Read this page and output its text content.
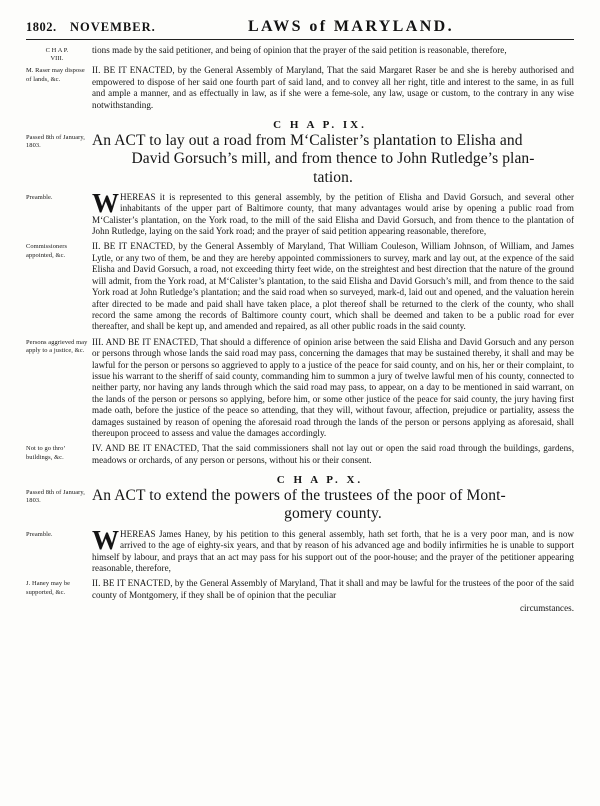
1802.	NOVEMBER.	LAWS of MARYLAND.
C H A P.
VIII.

tions made by the said petitioner, and being of opinion that the prayer of the said petition is reasonable, therefore,

M. Raser may dispose of lands, &c.

II. BE IT ENACTED, by the General Assembly of Maryland, That the said Margaret Raser be and she is hereby authorised and empowered to dispose of her said one fourth part of said land, and to convey all her right, title and interest to the same, in as full and ample a manner, and as effectually in law, as if she were a feme-sole, any law, usage or custom, to the contrary in any wise notwithstanding.

C H A P. IX.
Passed 8th of January, 1803.	An ACT to lay out a road from M‘Calister’s plantation to Elisha and
David Gorsuch’s mill, and from thence to John Rutledge’s plan-
tation.
Preamble.	W HEREAS it is represented to this general assembly, by the petition of Elisha and David Gorsuch, and several other inhabitants of the upper part of Baltimore county, that many advantages would arise by opening a public road from M‘Calister’s plantation, on the York road, to the mill of the said Elisha and David Gorsuch, and from thence to the plantation of John Rutledge, laying on the said York road; and the prayer of said petition appearing reasonable, therefore,

Commissioners appointed, &c.

II. BE IT ENACTED, by the General Assembly of Maryland, That William Couleson, William Johnson, of William, and James Lytle, or any two of them, be and they are hereby appointed commissioners to survey, mark and lay out, at the expence of the said Elisha and David Gorsuch, a road, not exceeding thirty feet wide, on the streightest and best direction that the nature of the ground will admit, from the York road, at M‘Calister’s plantation, to the said Elisha and David Gorsuch’s mill, and from thence to the said York road at John Rutledge’s plantation; and the said road when so surveyed, mark-d, laid out and opened, and the valuation herein after directed to be made and paid shall have taken place, a plot thereof shall be returned to the clerk of the county, who shall record the same among the records of Baltimore county court, which shall be deemed and taken to be a public road for ever thereafter, and shall be kept up, and amended and repaired, as all other public roads in the said county.

Persons aggrieved may apply to a justice, &c.

III. AND BE IT ENACTED, That should a difference of opinion arise between the said Elisha and David Gorsuch and any person or persons through whose lands the said road may pass, concerning the damages that may be sustained thereby, it shall and may be lawful for the person or persons so aggrieved to apply to a justice of the peace for said county, and on his, her or their complaint, to issue his warrant to the sheriff of said county, commanding him to summon a jury of twelve lawful men of his county, connected to neither party, nor having any lands through which the said road may pass, to appear, on a day to be mentioned in said warrant, on the lands of the person or persons so applying, before him, or some other justice of the peace for said county, the jury having first made oath, before the justice of the peace so attending, that they will, without favour, affection, prejudice or partiality, assess the damages sustained by reason of opening the aforesaid road through the lands of the person or persons applying as aforesaid, shall thereupon proceed to assess and value the damages accordingly.

Not to go thro’ buildings, &c.

IV. AND BE IT ENACTED, That the said commissioners shall not lay out or open the said road through the buildings, gardens, meadows or orchards, of any person or persons, without his or their consent.

C H A P. X.
Passed 8th of January, 1803.	An ACT to extend the powers of the trustees of the poor of Mont-
gomery county.
Preamble.	W HEREAS James Haney, by his petition to this general assembly, hath set forth, that he is a very poor man, and is now arrived to the age of eighty-six years, and that by reason of his advanced age and bodily infirmities he is unable to support himself by labour, and prays that an act may pass for his support out of the poor-house; and the prayer of the petitioner appearing reasonable, therefore,

J. Haney may be supported, &c.

II. BE IT ENACTED, by the General Assembly of Maryland, That it shall and may be lawful for the trustees of the poor of the said county of Montgomery, if they shall be of opinion that the peculiar

circumstances.
